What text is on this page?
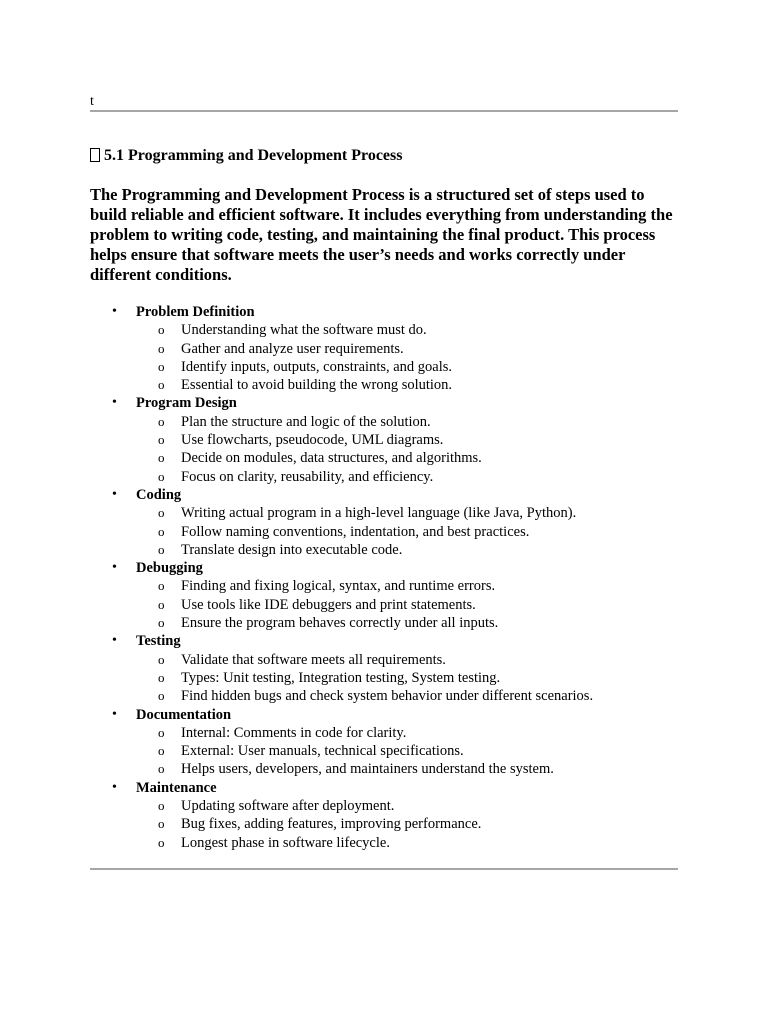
t
5.1 Programming and Development Process
The Programming and Development Process is a structured set of steps used to build reliable and efficient software. It includes everything from understanding the problem to writing code, testing, and maintaining the final product. This process helps ensure that software meets the user’s needs and works correctly under different conditions.
• Problem Definition
o Understanding what the software must do.
o Gather and analyze user requirements.
o Identify inputs, outputs, constraints, and goals.
o Essential to avoid building the wrong solution.
• Program Design
o Plan the structure and logic of the solution.
o Use flowcharts, pseudocode, UML diagrams.
o Decide on modules, data structures, and algorithms.
o Focus on clarity, reusability, and efficiency.
• Coding
o Writing actual program in a high-level language (like Java, Python).
o Follow naming conventions, indentation, and best practices.
o Translate design into executable code.
• Debugging
o Finding and fixing logical, syntax, and runtime errors.
o Use tools like IDE debuggers and print statements.
o Ensure the program behaves correctly under all inputs.
• Testing
o Validate that software meets all requirements.
o Types: Unit testing, Integration testing, System testing.
o Find hidden bugs and check system behavior under different scenarios.
• Documentation
o Internal: Comments in code for clarity.
o External: User manuals, technical specifications.
o Helps users, developers, and maintainers understand the system.
• Maintenance
o Updating software after deployment.
o Bug fixes, adding features, improving performance.
o Longest phase in software lifecycle.
